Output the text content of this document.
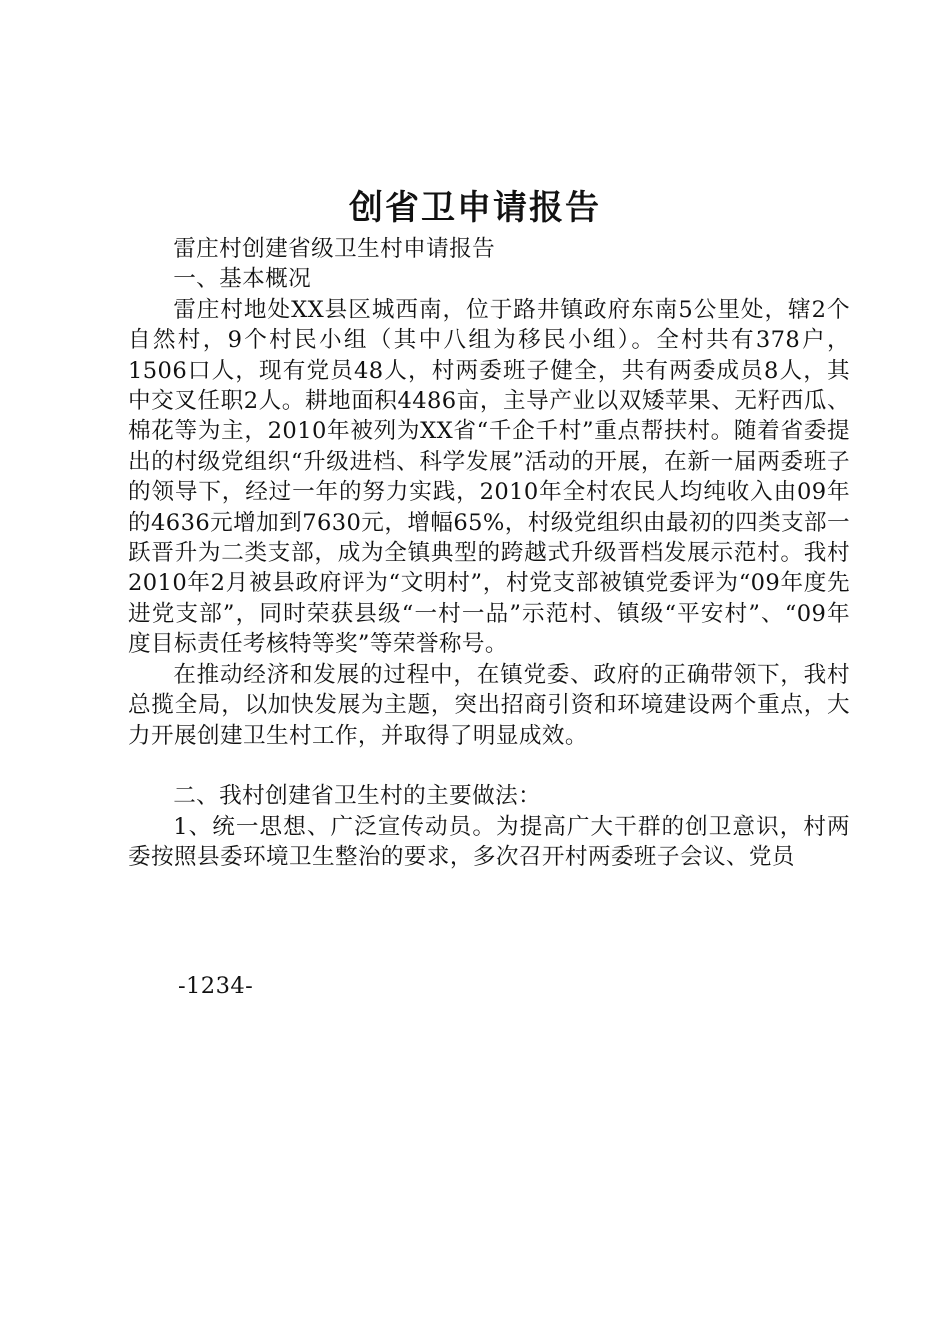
创省卫申请报告

雷庄村创建省级卫生村申请报告

一、基本概况

雷庄村地处XX县区城西南，位于路井镇政府东南5公里处，辖2个自然村，9个村民小组（其中八组为移民小组）。全村共有378户，1506口人，现有党员48人，村两委班子健全，共有两委成员8人，其中交叉任职2人。耕地面积4486亩，主导产业以双矮苹果、无籽西瓜、棉花等为主，2010年被列为XX省“千企千村”重点帮扶村。随着省委提出的村级党组织“升级进档、科学发展”活动的开展，在新一届两委班子的领导下，经过一年的努力实践，2010年全村农民人均纯收入由09年的4636元增加到7630元，增幅65%，村级党组织由最初的四类支部一跃晋升为二类支部，成为全镇典型的跨越式升级晋档发展示范村。我村2010年2月被县政府评为“文明村”，村党支部被镇党委评为“09年度先进党支部”，同时荣获县级“一村一品”示范村、镇级“平安村”、“09年度目标责任考核特等奖”等荣誉称号。

在推动经济和发展的过程中，在镇党委、政府的正确带领下，我村总揽全局，以加快发展为主题，突出招商引资和环境建设两个重点，大力开展创建卫生村工作，并取得了明显成效。

二、我村创建省卫生村的主要做法：

1、统一思想、广泛宣传动员。为提高广大干群的创卫意识，村两委按照县委环境卫生整治的要求，多次召开村两委班子会议、党员

-1234-
